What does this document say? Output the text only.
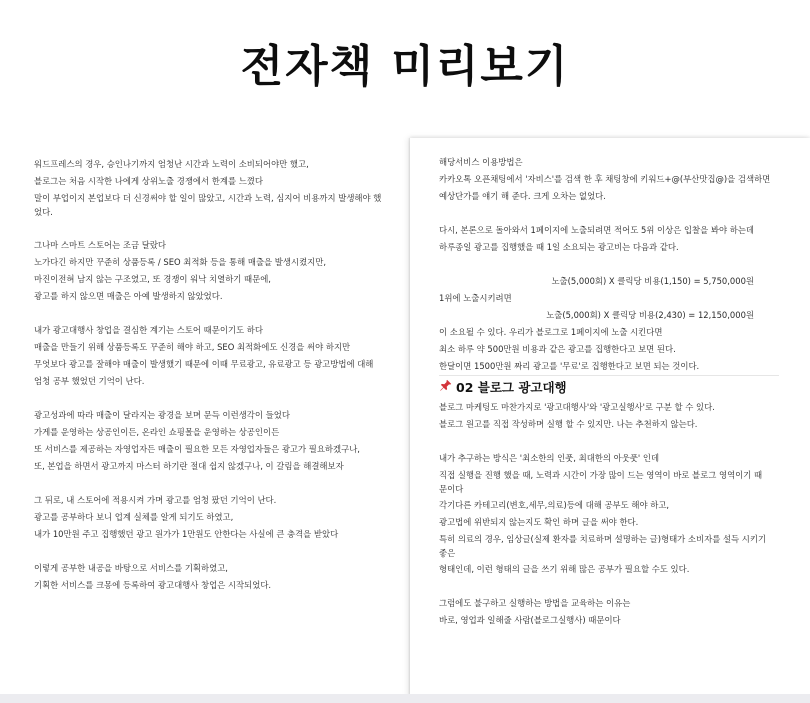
전자책 미리보기

워드프레스의 경우, 승인나기까지 엄청난 시간과 노력이 소비되어야만 했고,

블로그는 처음 시작한 나에게 상위노출 경쟁에서 한계를 느꼈다

말이 부업이지 본업보다 더 신경써야 할 일이 많았고, 시간과 노력, 심지어 비용까지 발생해야 했었다.

그나마 스마트 스토어는 조금 달랐다

노가다긴 하지만 꾸준히 상품등록 / SEO 최적화 등을 통해 매출을 발생시켰지만,

마진이전혀 남지 않는 구조였고, 또 경쟁이 워낙 치열하기 때문에,

광고를 하지 않으면 매출은 아예 발생하지 않았었다.

내가 광고대행사 창업을 결심한 계기는 스토어 때문이기도 하다

매출을 만들기 위해 상품등록도 꾸준히 해야 하고, SEO 최적화에도 신경을 써야 하지만

무엇보다 광고를 잘해야 매출이 발생했기 때문에 이때 무료광고, 유료광고 등 광고방법에 대해

엄청 공부 했었던 기억이 난다.

광고성과에 따라 매출이 달라지는 광경을 보며 문득 이런생각이 들었다

가게를 운영하는 상공인이든, 온라인 쇼핑몰을 운영하는 상공인이든

또 서비스를 제공하는 자영업자든 매출이 필요한 모든 자영업자들은 광고가 필요하겠구나,

또, 본업을 하면서 광고까지 마스터 하기란 절대 쉽지 않겠구나, 이 갈림을 해결해보자

그 뒤로, 내 스토어에 적용시켜 가며 광고를 엄청 팠던 기억이 난다.

광고를 공부하다 보니 업계 실체를 알게 되기도 하였고,

내가 10만원 주고 집행했던 광고 원가가 1만원도 안한다는 사실에 큰 충격을 받았다

이렇게 공부한 내공을 바탕으로 서비스를 기획하였고,

기획한 서비스를 크몽에 등록하여 광고대행사 창업은 시작되었다.

해당서비스 이용방법은

카카오톡 오픈채팅에서 '자비스'를 검색 한 후 채팅창에 키워드+@(부산맛집@)을 검색하면

예상단가를 얘기 해 준다. 크게 오차는 없었다.

다시, 본론으로 돌아와서 1페이지에 노출되려면 적어도 5위 이상은 입찰을 봐야 하는데

하루종일 광고를 집행했을 때 1일 소요되는 광고비는 다음과 같다.

노출(5,000회) X 클릭당 비용(1,150) = 5,750,000원

1위에 노출시키려면

노출(5,000회) X 클릭당 비용(2,430) = 12,150,000원

이 소요될 수 있다. 우리가 블로그로 1페이지에 노출 시킨다면

최소 하루 약 500만원 비용과 같은 광고를 집행한다고 보면 된다.

한달이면 1500만원 짜리 광고를 '무료'로 집행한다고 보면 되는 것이다.

02 블로그 광고대행

블로그 마케팅도 마찬가지로 '광고대행사'와 '광고실행사'로 구분 할 수 있다.

블로그 원고를 직접 작성하며 실행 할 수 있지만. 나는 추천하지 않는다.

내가 추구하는 방식은 '최소한의 인풋, 최대한의 아웃풋' 인데

직접 실행을 진행 했을 때, 노력과 시간이 가장 많이 드는 영역이 바로 블로그 영역이기 때문이다

각기다른 카테고리(변호,세무,의료)등에 대해 공부도 해야 하고,

광고법에 위반되지 않는지도 확인 하며 글을 써야 한다.

특히 의료의 경우, 임상글(실제 환자를 치료하며 설명하는 글)형태가 소비자를 설득 시키기 좋은

형태인데, 이런 형태의 글을 쓰기 위해 많은 공부가 필요할 수도 있다.

그럼에도 불구하고 실행하는 방법을 교육하는 이유는

바로, 영업과 일해줄 사람(블로그실행사) 때문이다
